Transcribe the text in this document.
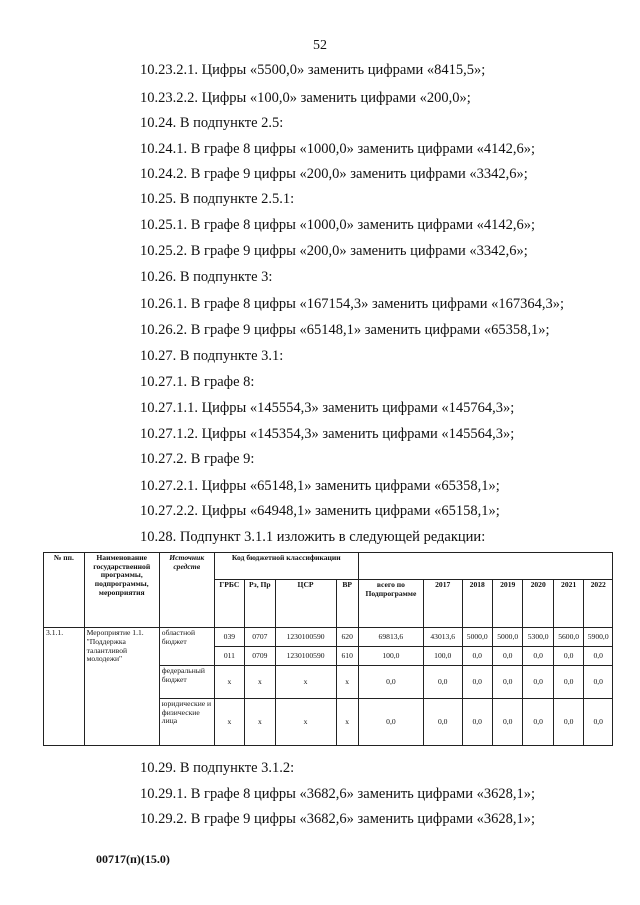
52
10.23.2.1. Цифры «5500,0» заменить цифрами «8415,5»;
10.23.2.2. Цифры «100,0» заменить цифрами «200,0»;
10.24. В подпункте 2.5:
10.24.1. В графе 8 цифры «1000,0» заменить цифрами «4142,6»;
10.24.2. В графе 9 цифры «200,0» заменить цифрами «3342,6»;
10.25. В подпункте 2.5.1:
10.25.1. В графе 8 цифры «1000,0» заменить цифрами «4142,6»;
10.25.2. В графе 9 цифры «200,0» заменить цифрами «3342,6»;
10.26. В подпункте 3:
10.26.1. В графе 8 цифры «167154,3» заменить цифрами «167364,3»;
10.26.2. В графе 9 цифры «65148,1» заменить цифрами «65358,1»;
10.27. В подпункте 3.1:
10.27.1. В графе 8:
10.27.1.1. Цифры «145554,3» заменить цифрами «145764,3»;
10.27.1.2. Цифры «145354,3» заменить цифрами «145564,3»;
10.27.2. В графе 9:
10.27.2.1. Цифры «65148,1» заменить цифрами «65358,1»;
10.27.2.2. Цифры «64948,1» заменить цифрами «65158,1»;
10.28. Подпункт 3.1.1 изложить в следующей редакции:
№ пп.	Наименование государственной программы, подпрограммы, мероприятия	Источник средств	Код бюджетной классификации										
			ГРБС	Рз, Пр	ЦСР	ВР	всего по Подпрограмме	2017	2018	2019	2020	2021	2022
3.1.1.	Мероприятие 1.1. "Поддержка талантливой молодежи"	областной бюджет	039	0707	1230100590	620	69813,6	43013,6	5000,0	5000,0	5300,0	5600,0	5900,0
			011	0709	1230100590	610	100,0	100,0	0,0	0,0	0,0	0,0	0,0
		федеральный бюджет	x	x	x	x	0,0	0,0	0,0	0,0	0,0	0,0	0,0
		юридические и физические лица	x	x	x	x	0,0	0,0	0,0	0,0	0,0	0,0	0,0
10.29. В подпункте 3.1.2:
10.29.1. В графе 8 цифры «3682,6» заменить цифрами «3628,1»;
10.29.2. В графе 9 цифры «3682,6» заменить цифрами «3628,1»;
00717(п)(15.0)
